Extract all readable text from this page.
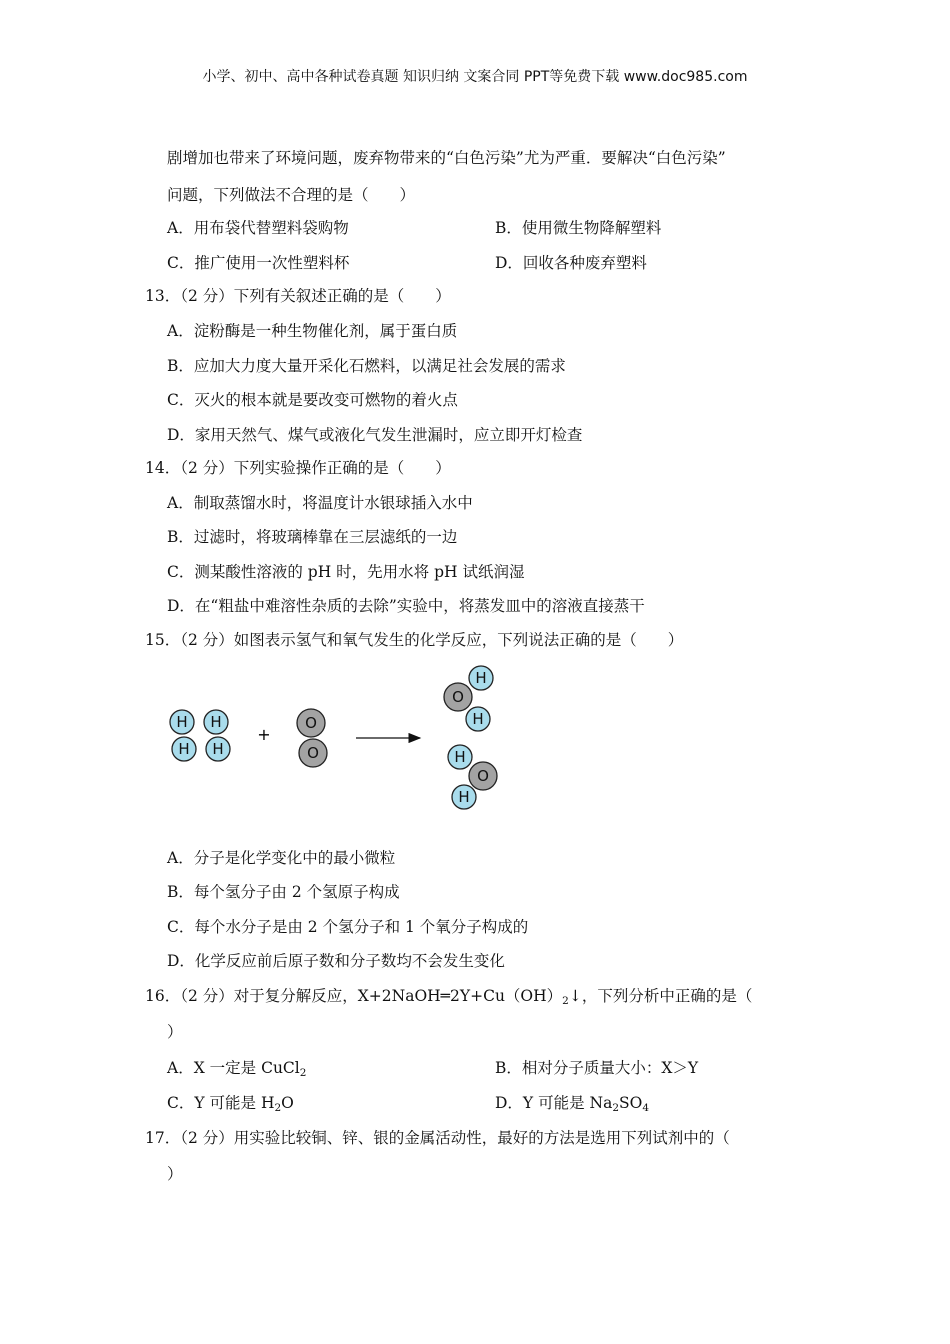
小学、初中、高中各种试卷真题 知识归纳 文案合同 PPT等免费下载 www.doc985.com
剧增加也带来了环境问题，废弃物带来的“白色污染”尤为严重．要解决“白色污染”
问题，下列做法不合理的是（　　）
A．用布袋代替塑料袋购物	B．使用微生物降解塑料
C．推广使用一次性塑料杯	D．回收各种废弃塑料
13．（2 分）下列有关叙述正确的是（　　）
A．淀粉酶是一种生物催化剂，属于蛋白质
B．应加大力度大量开采化石燃料，以满足社会发展的需求
C．灭火的根本就是要改变可燃物的着火点
D．家用天然气、煤气或液化气发生泄漏时，应立即开灯检查
14．（2 分）下列实验操作正确的是（　　）
A．制取蒸馏水时，将温度计水银球插入水中
B．过滤时，将玻璃棒靠在三层滤纸的一边
C．测某酸性溶液的 pH 时，先用水将 pH 试纸润湿
D．在“粗盐中难溶性杂质的去除”实验中，将蒸发皿中的溶液直接蒸干
15．（2 分）如图表示氢气和氧气发生的化学反应，下列说法正确的是（　　）
H
H
H
H
+
O
O
O
H
H
H
O
H
A．分子是化学变化中的最小微粒
B．每个氢分子由 2 个氢原子构成
C．每个水分子是由 2 个氢分子和 1 个氧分子构成的
D．化学反应前后原子数和分子数均不会发生变化
16．（2 分）对于复分解反应，X+2NaOH═2Y+Cu（OH）2↓，下列分析中正确的是（
）
A．X 一定是 CuCl$_2$	B．相对分子质量大小：X＞Y
C．Y 可能是 $H_2O$	D．Y 可能是 $Na_2SO_4$
17．（2 分）用实验比较铜、锌、银的金属活动性，最好的方法是选用下列试剂中的（
）
